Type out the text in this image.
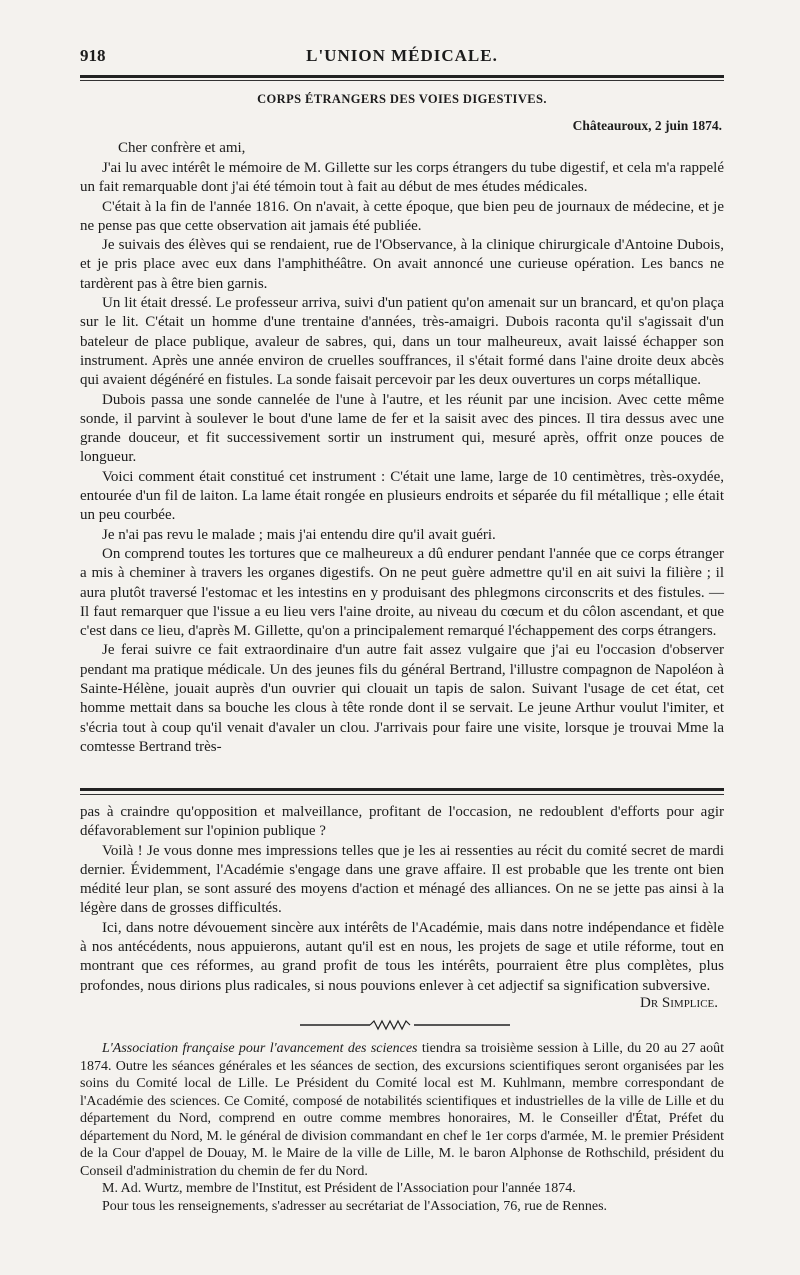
918	L'UNION MÉDICALE.
CORPS ÉTRANGERS DES VOIES DIGESTIVES.
Châteauroux, 2 juin 1874.
Cher confrère et ami,

J'ai lu avec intérêt le mémoire de M. Gillette sur les corps étrangers du tube digestif, et cela m'a rappelé un fait remarquable dont j'ai été témoin tout à fait au début de mes études médicales.

C'était à la fin de l'année 1816. On n'avait, à cette époque, que bien peu de journaux de médecine, et je ne pense pas que cette observation ait jamais été publiée.

Je suivais des élèves qui se rendaient, rue de l'Observance, à la clinique chirurgicale d'Antoine Dubois, et je pris place avec eux dans l'amphithéâtre. On avait annoncé une curieuse opération. Les bancs ne tardèrent pas à être bien garnis.

Un lit était dressé. Le professeur arriva, suivi d'un patient qu'on amenait sur un brancard, et qu'on plaça sur le lit. C'était un homme d'une trentaine d'années, très-amaigri. Dubois raconta qu'il s'agissait d'un bateleur de place publique, avaleur de sabres, qui, dans un tour malheureux, avait laissé échapper son instrument. Après une année environ de cruelles souffrances, il s'était formé dans l'aine droite deux abcès qui avaient dégénéré en fistules. La sonde faisait percevoir par les deux ouvertures un corps métallique.

Dubois passa une sonde cannelée de l'une à l'autre, et les réunit par une incision. Avec cette même sonde, il parvint à soulever le bout d'une lame de fer et la saisit avec des pinces. Il tira dessus avec une grande douceur, et fit successivement sortir un instrument qui, mesuré après, offrit onze pouces de longueur.

Voici comment était constitué cet instrument : C'était une lame, large de 10 centimètres, très-oxydée, entourée d'un fil de laiton. La lame était rongée en plusieurs endroits et séparée du fil métallique ; elle était un peu courbée.

Je n'ai pas revu le malade ; mais j'ai entendu dire qu'il avait guéri.

On comprend toutes les tortures que ce malheureux a dû endurer pendant l'année que ce corps étranger a mis à cheminer à travers les organes digestifs. On ne peut guère admettre qu'il en ait suivi la filière ; il aura plutôt traversé l'estomac et les intestins en y produisant des phlegmons circonscrits et des fistules. — Il faut remarquer que l'issue a eu lieu vers l'aine droite, au niveau du cœcum et du côlon ascendant, et que c'est dans ce lieu, d'après M. Gillette, qu'on a principalement remarqué l'échappement des corps étrangers.

Je ferai suivre ce fait extraordinaire d'un autre fait assez vulgaire que j'ai eu l'occasion d'observer pendant ma pratique médicale. Un des jeunes fils du général Bertrand, l'illustre compagnon de Napoléon à Sainte-Hélène, jouait auprès d'un ouvrier qui clouait un tapis de salon. Suivant l'usage de cet état, cet homme mettait dans sa bouche les clous à tête ronde dont il se servait. Le jeune Arthur voulut l'imiter, et s'écria tout à coup qu'il venait d'avaler un clou. J'arrivais pour faire une visite, lorsque je trouvai Mme la comtesse Bertrand très-

pas à craindre qu'opposition et malveillance, profitant de l'occasion, ne redoublent d'efforts pour agir défavorablement sur l'opinion publique ?

Voilà ! Je vous donne mes impressions telles que je les ai ressenties au récit du comité secret de mardi dernier. Évidemment, l'Académie s'engage dans une grave affaire. Il est probable que les trente ont bien médité leur plan, se sont assuré des moyens d'action et ménagé des alliances. On ne se jette pas ainsi à la légère dans de grosses difficultés.

Ici, dans notre dévouement sincère aux intérêts de l'Académie, mais dans notre indépendance et fidèle à nos antécédents, nous appuierons, autant qu'il est en nous, les projets de sage et utile réforme, tout en montrant que ces réformes, au grand profit de tous les intérêts, pourraient être plus complètes, plus profondes, nous dirions plus radicales, si nous pouvions enlever à cet adjectif sa signification subversive.

Dr Simplice.

L'Association française pour l'avancement des sciences tiendra sa troisième session à Lille, du 20 au 27 août 1874. Outre les séances générales et les séances de section, des excursions scientifiques seront organisées par les soins du Comité local de Lille. Le Président du Comité local est M. Kuhlmann, membre correspondant de l'Académie des sciences. Ce Comité, composé de notabilités scientifiques et industrielles de la ville de Lille et du département du Nord, comprend en outre comme membres honoraires, M. le Conseiller d'État, Préfet du département du Nord, M. le général de division commandant en chef le 1er corps d'armée, M. le premier Président de la Cour d'appel de Douay, M. le Maire de la ville de Lille, M. le baron Alphonse de Rothschild, président du Conseil d'administration du chemin de fer du Nord.

M. Ad. Wurtz, membre de l'Institut, est Président de l'Association pour l'année 1874.

Pour tous les renseignements, s'adresser au secrétariat de l'Association, 76, rue de Rennes.
